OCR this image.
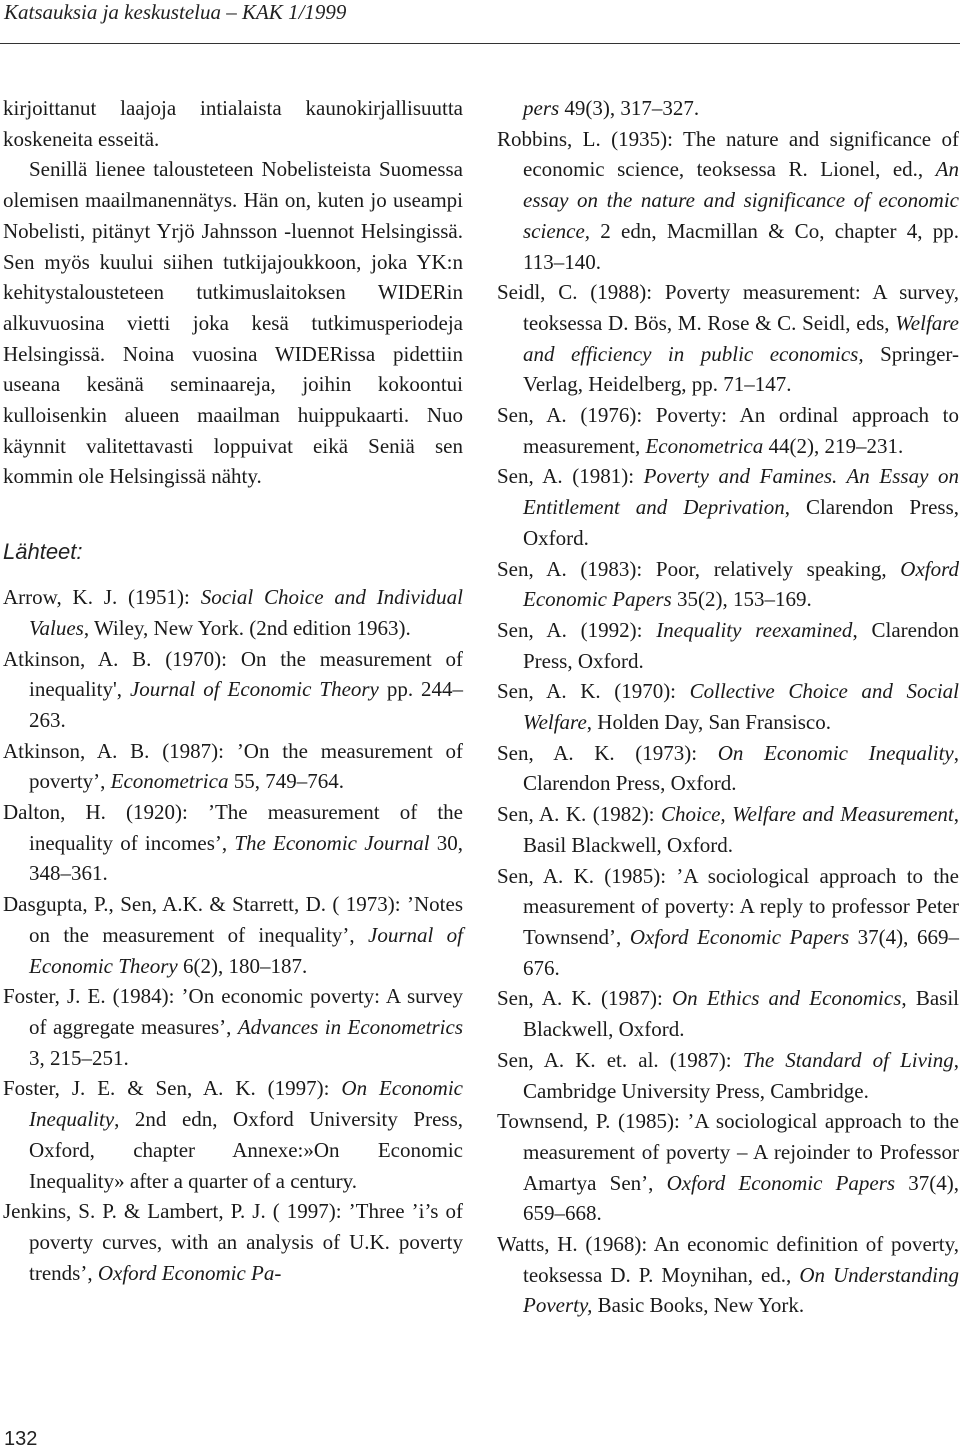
Katsauksia ja keskustelua – KAK 1/1999

kirjoittanut laajoja intialaista kaunokirjallisuutta koskeneita esseitä.

Senillä lienee talousteteen Nobelisteista Suomessa olemisen maailmanennätys. Hän on, kuten jo useampi Nobelisti, pitänyt Yrjö Jahnsson -luennot Helsingissä. Sen myös kuului siihen tutkijajoukkoon, joka YK:n kehitystalousteteen tutkimuslaitoksen WIDERin alkuvuosina vietti joka kesä tutkimusperiodeja Helsingissä. Noina vuosina WIDERissa pidettiin useana kesänä seminaareja, joihin kokoontui kulloisenkin alueen maailman huippukaarti. Nuo käynnit valitettavasti loppuivat eikä Seniä sen kommin ole Helsingissä nähty.

Lähteet:

Arrow, K. J. (1951): Social Choice and Individual Values, Wiley, New York. (2nd edition 1963).

Atkinson, A. B. (1970): On the measurement of inequality', Journal of Economic Theory pp. 244–263.

Atkinson, A. B. (1987): ’On the measurement of poverty’, Econometrica 55, 749–764.

Dalton, H. (1920): ’The measurement of the inequality of incomes’, The Economic Journal 30, 348–361.

Dasgupta, P., Sen, A.K. & Starrett, D. ( 1973): ’Notes on the measurement of inequality’, Journal of Economic Theory 6(2), 180–187.

Foster, J. E. (1984): ’On economic poverty: A survey of aggregate measures’, Advances in Econometrics 3, 215–251.

Foster, J. E. & Sen, A. K. (1997): On Economic Inequality, 2nd edn, Oxford University Press, Oxford, chapter Annexe:»On Economic Inequality» after a quarter of a century.

Jenkins, S. P. & Lambert, P. J. ( 1997): ’Three ’i’s of poverty curves, with an analysis of U.K. poverty trends’, Oxford Economic Pa-

pers 49(3), 317–327.

Robbins, L. (1935): The nature and significance of economic science, teoksessa R. Lionel, ed., An essay on the nature and significance of economic science, 2 edn, Macmillan & Co, chapter 4, pp. 113–140.

Seidl, C. (1988): Poverty measurement: A survey, teoksessa D. Bös, M. Rose & C. Seidl, eds, Welfare and efficiency in public economics, Springer-Verlag, Heidelberg, pp. 71–147.

Sen, A. (1976): Poverty: An ordinal approach to measurement, Econometrica 44(2), 219–231.

Sen, A. (1981): Poverty and Famines. An Essay on Entitlement and Deprivation, Clarendon Press, Oxford.

Sen, A. (1983): Poor, relatively speaking, Oxford Economic Papers 35(2), 153–169.

Sen, A. (1992): Inequality reexamined, Clarendon Press, Oxford.

Sen, A. K. (1970): Collective Choice and Social Welfare, Holden Day, San Fransisco.

Sen, A. K. (1973): On Economic Inequality, Clarendon Press, Oxford.

Sen, A. K. (1982): Choice, Welfare and Measurement, Basil Blackwell, Oxford.

Sen, A. K. (1985): ’A sociological approach to the measurement of poverty: A reply to professor Peter Townsend’, Oxford Economic Papers 37(4), 669–676.

Sen, A. K. (1987): On Ethics and Economics, Basil Blackwell, Oxford.

Sen, A. K. et. al. (1987): The Standard of Living, Cambridge University Press, Cambridge.

Townsend, P. (1985): ’A sociological approach to the measurement of poverty – A rejoinder to Professor Amartya Sen’, Oxford Economic Papers 37(4), 659–668.

Watts, H. (1968): An economic definition of poverty, teoksessa D. P. Moynihan, ed., On Understanding Poverty, Basic Books, New York.

132
